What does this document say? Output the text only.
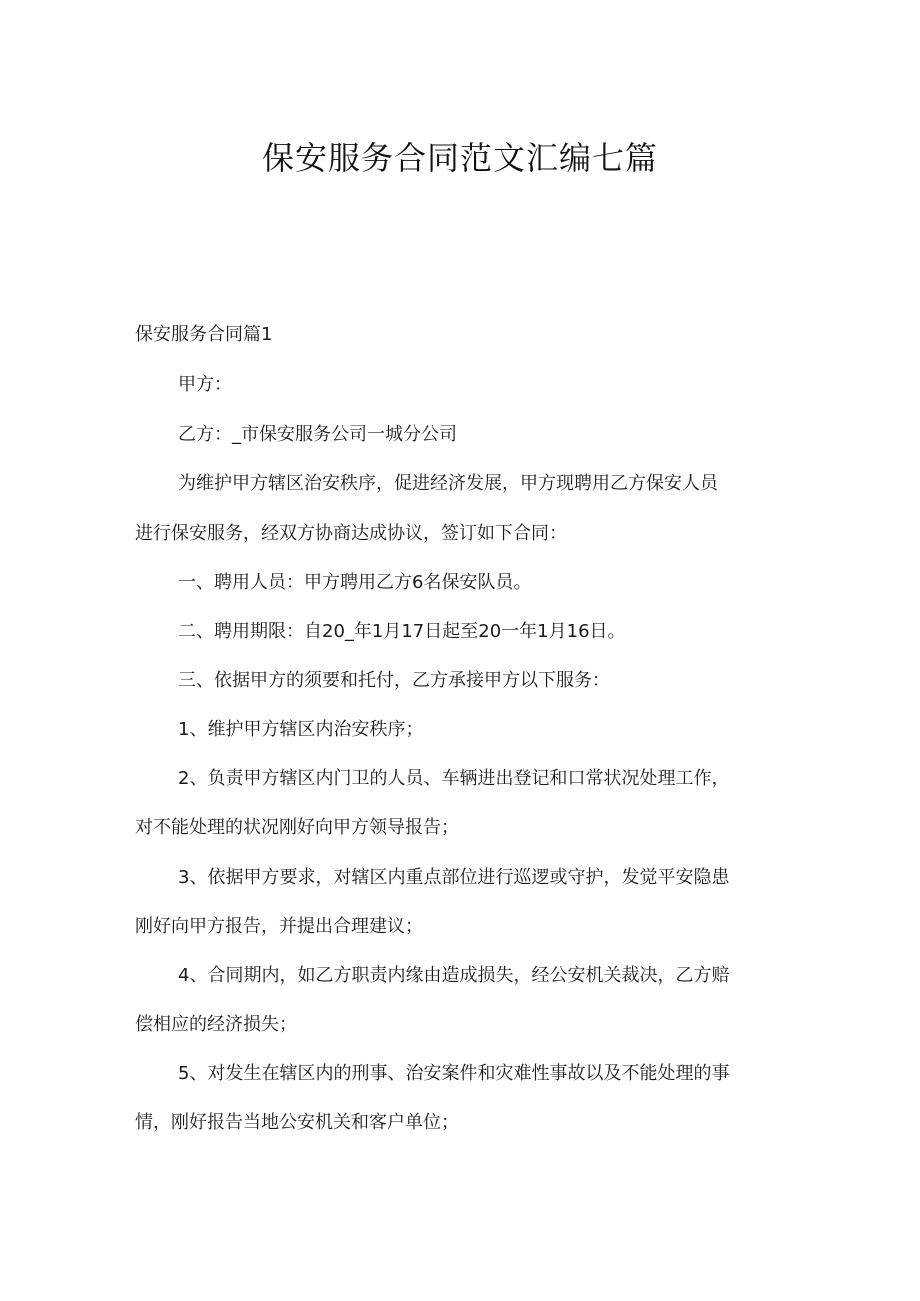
保安服务合同范文汇编七篇

保安服务合同篇1

甲方：

乙方：_市保安服务公司一城分公司

为维护甲方辖区治安秩序，促进经济发展，甲方现聘用乙方保安人员

进行保安服务，经双方协商达成协议，签订如下合同：

一、聘用人员：甲方聘用乙方6名保安队员。

二、聘用期限：自20_年1月17日起至20一年1月16日。

三、依据甲方的须要和托付，乙方承接甲方以下服务：

1、维护甲方辖区内治安秩序；

2、负责甲方辖区内门卫的人员、车辆进出登记和口常状况处理工作，

对不能处理的状况刚好向甲方领导报告；

3、依据甲方要求，对辖区内重点部位进行巡逻或守护，发觉平安隐患

刚好向甲方报告，并提出合理建议；

4、合同期内，如乙方职责内缘由造成损失，经公安机关裁决，乙方赔

偿相应的经济损失；

5、对发生在辖区内的刑事、治安案件和灾难性事故以及不能处理的事

情，刚好报告当地公安机关和客户单位；
